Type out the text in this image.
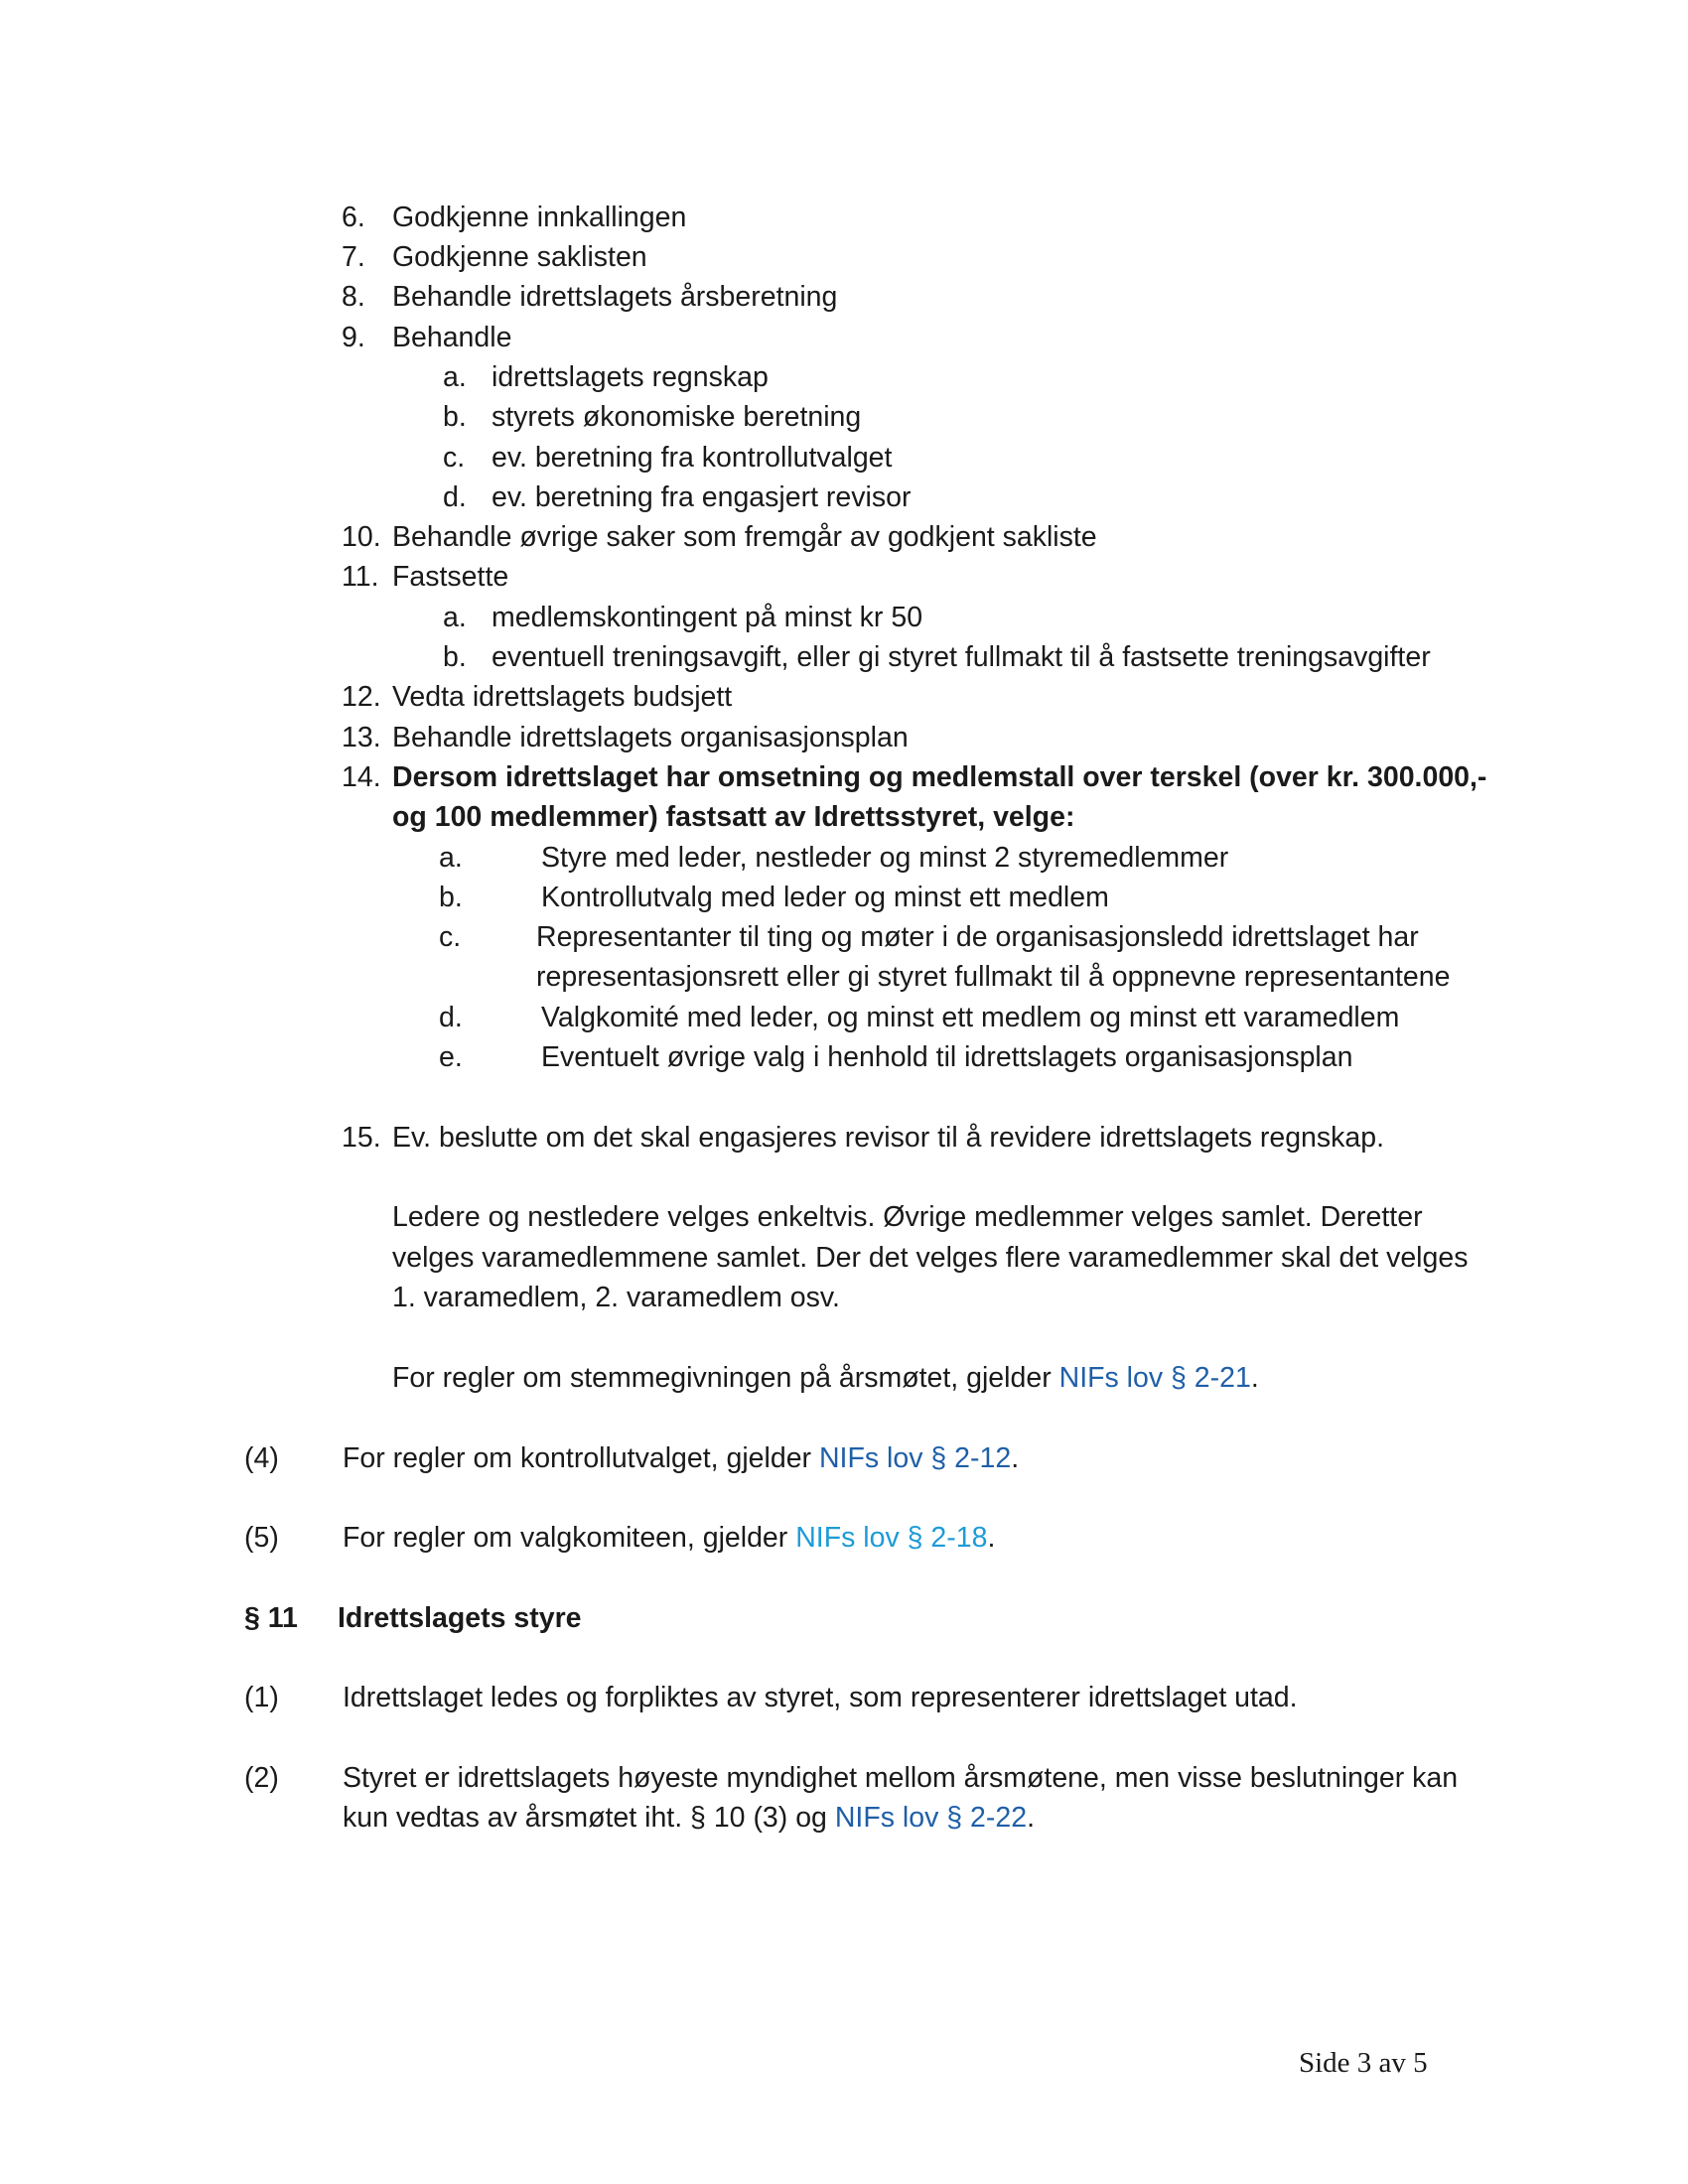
6. Godkjenne innkallingen
7. Godkjenne saklisten
8. Behandle idrettslagets årsberetning
9. Behandle
a. idrettslagets regnskap
b. styrets økonomiske beretning
c. ev. beretning fra kontrollutvalget
d. ev. beretning fra engasjert revisor
10. Behandle øvrige saker som fremgår av godkjent sakliste
11. Fastsette
a. medlemskontingent på minst kr 50
b. eventuell treningsavgift, eller gi styret fullmakt til å fastsette treningsavgifter
12. Vedta idrettslagets budsjett
13. Behandle idrettslagets organisasjonsplan
14. Dersom idrettslaget har omsetning og medlemstall over terskel (over kr. 300.000,-
og 100 medlemmer) fastsatt av Idrettsstyret, velge:
a.	Styre med leder, nestleder og minst 2 styremedlemmer
b.	Kontrollutvalg med leder og minst ett medlem
c.	Representanter til ting og møter i de organisasjonsledd idrettslaget har
representasjonsrett eller gi styret fullmakt til å oppnevne representantene
d.	Valgkomité med leder, og minst ett medlem og minst ett varamedlem
e.	Eventuelt øvrige valg i henhold til idrettslagets organisasjonsplan
15. Ev. beslutte om det skal engasjeres revisor til å revidere idrettslagets regnskap.
Ledere og nestledere velges enkeltvis. Øvrige medlemmer velges samlet. Deretter
velges varamedlemmene samlet. Der det velges flere varamedlemmer skal det velges
1. varamedlem, 2. varamedlem osv.
For regler om stemmegivningen på årsmøtet, gjelder NIFs lov § 2-21.
(4) For regler om kontrollutvalget, gjelder NIFs lov § 2-12.
(5) For regler om valgkomiteen, gjelder NIFs lov § 2-18.
§ 11 Idrettslagets styre
(1) Idrettslaget ledes og forpliktes av styret, som representerer idrettslaget utad.
(2) Styret er idrettslagets høyeste myndighet mellom årsmøtene, men visse beslutninger kan
kun vedtas av årsmøtet iht. § 10 (3) og NIFs lov § 2-22.
Side 3 av 5
